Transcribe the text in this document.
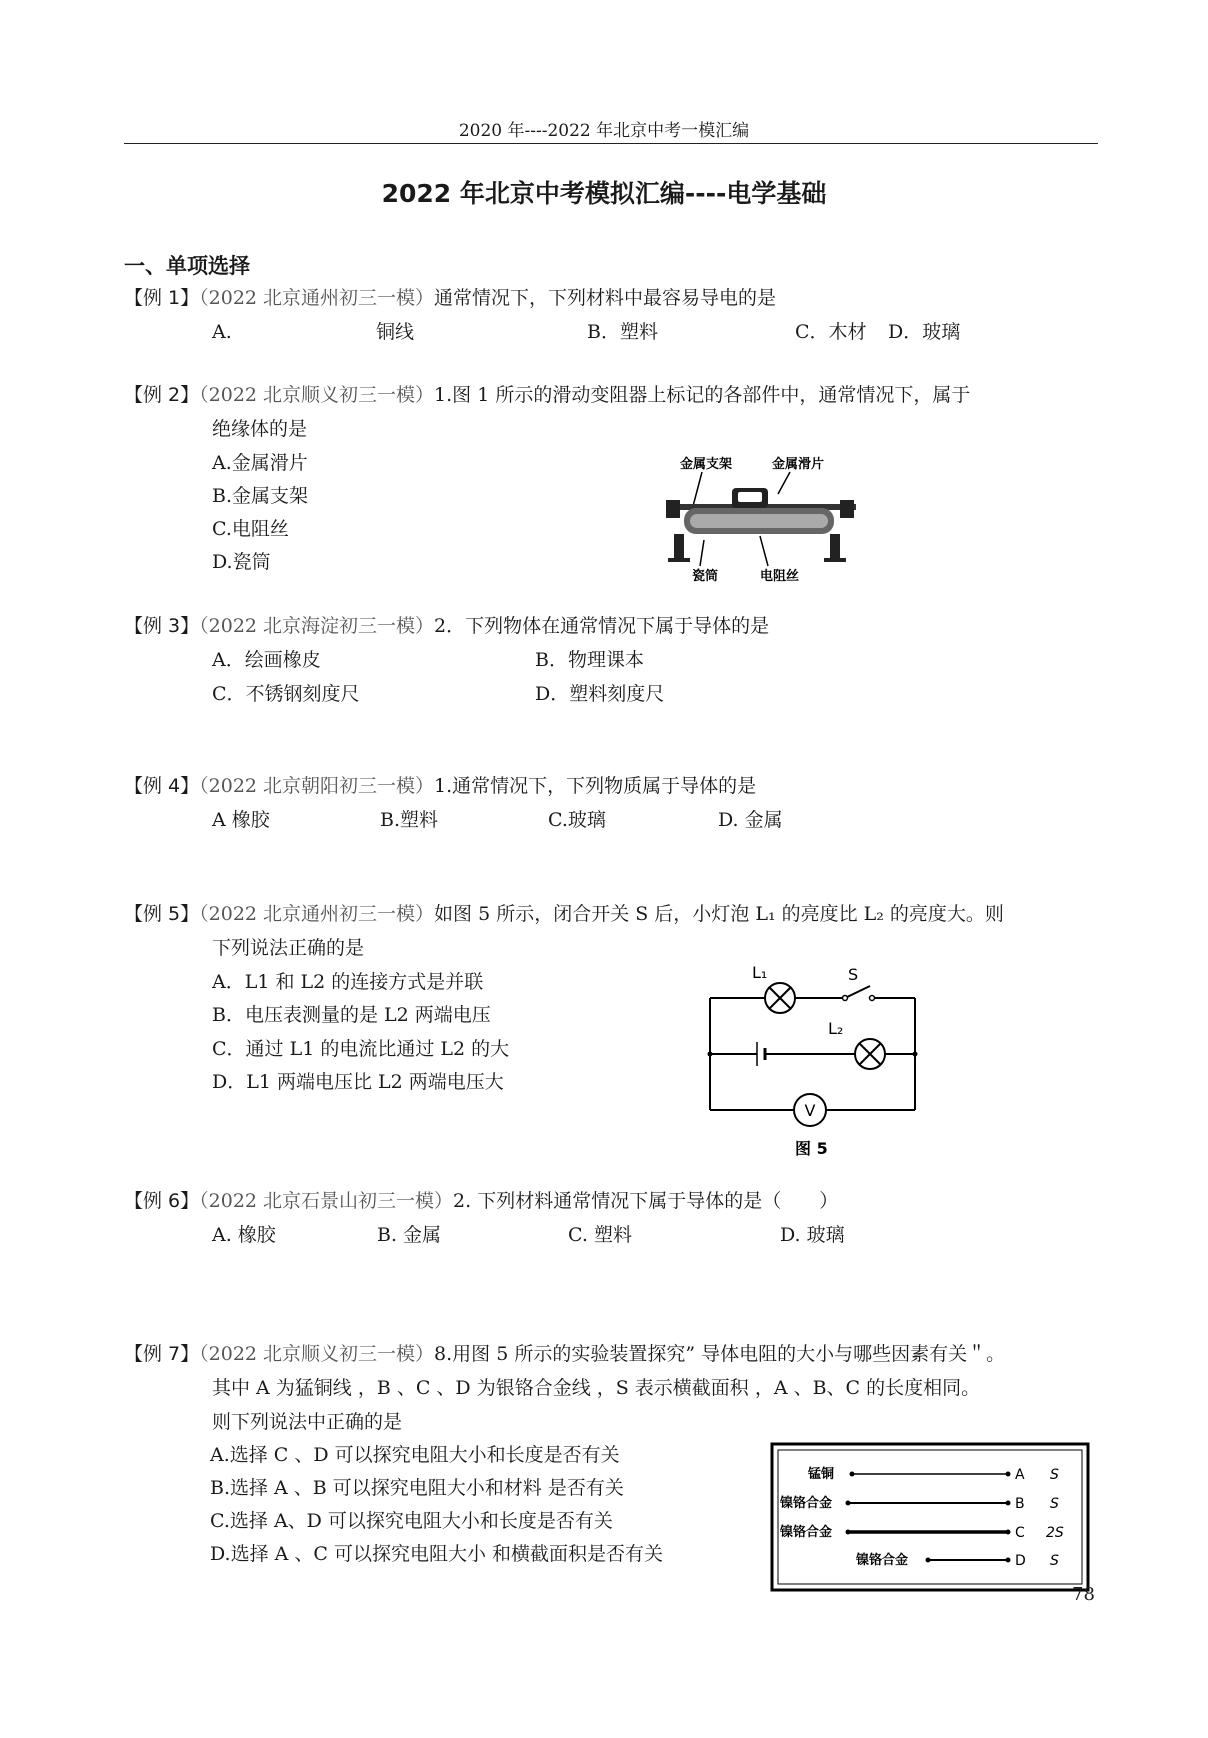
2020 年----2022 年北京中考一模汇编
2022 年北京中考模拟汇编----电学基础
一、单项选择
【例 1】（2022 北京通州初三一模）通常情况下，下列材料中最容易导电的是
A.	铜线	B．塑料	C．木材 D．玻璃
【例 2】（2022 北京顺义初三一模）1.图 1 所示的滑动变阻器上标记的各部件中，通常情况下，属于
绝缘体的是
A.金属滑片
B.金属支架
C.电阻丝
D.瓷筒
金属支架	金属滑片
瓷筒	电阻丝
【例 3】（2022 北京海淀初三一模）2．下列物体在通常情况下属于导体的是
A．绘画橡皮	B．物理课本
C．不锈钢刻度尺	D．塑料刻度尺
【例 4】（2022 北京朝阳初三一模）1.通常情况下，下列物质属于导体的是
A 橡胶	B.塑料	C.玻璃	D. 金属
【例 5】（2022 北京通州初三一模）如图 5 所示，闭合开关 S 后，小灯泡 L₁ 的亮度比 L₂ 的亮度大。则
下列说法正确的是
A．L1 和 L2 的连接方式是并联
B．电压表测量的是 L2 两端电压
C．通过 L1 的电流比通过 L2 的大
D．L1 两端电压比 L2 两端电压大
V
L₁	S
L₂
图 5
【例 6】（2022 北京石景山初三一模）2. 下列材料通常情况下属于导体的是（　　）
A. 橡胶	B. 金属	C. 塑料	D. 玻璃
【例 7】（2022 北京顺义初三一模）8.用图 5 所示的实验装置探究” 导体电阻的大小与哪些因素有关＂。
其中 A 为猛铜线 ，B 、C 、D 为银铬合金线 ，S 表示横截面积 ，A 、B、C 的长度相同。
则下列说法中正确的是
A.选择 C 、D 可以探究电阻大小和长度是否有关
B.选择 A 、B 可以探究电阻大小和材料 是否有关
C.选择 A、D 可以探究电阻大小和长度是否有关
D.选择 A 、C 可以探究电阻大小 和横截面积是否有关
锰铜
镍铬合金
镍铬合金
镍铬合金
A
B
C
D
S
S
2S
S
78
